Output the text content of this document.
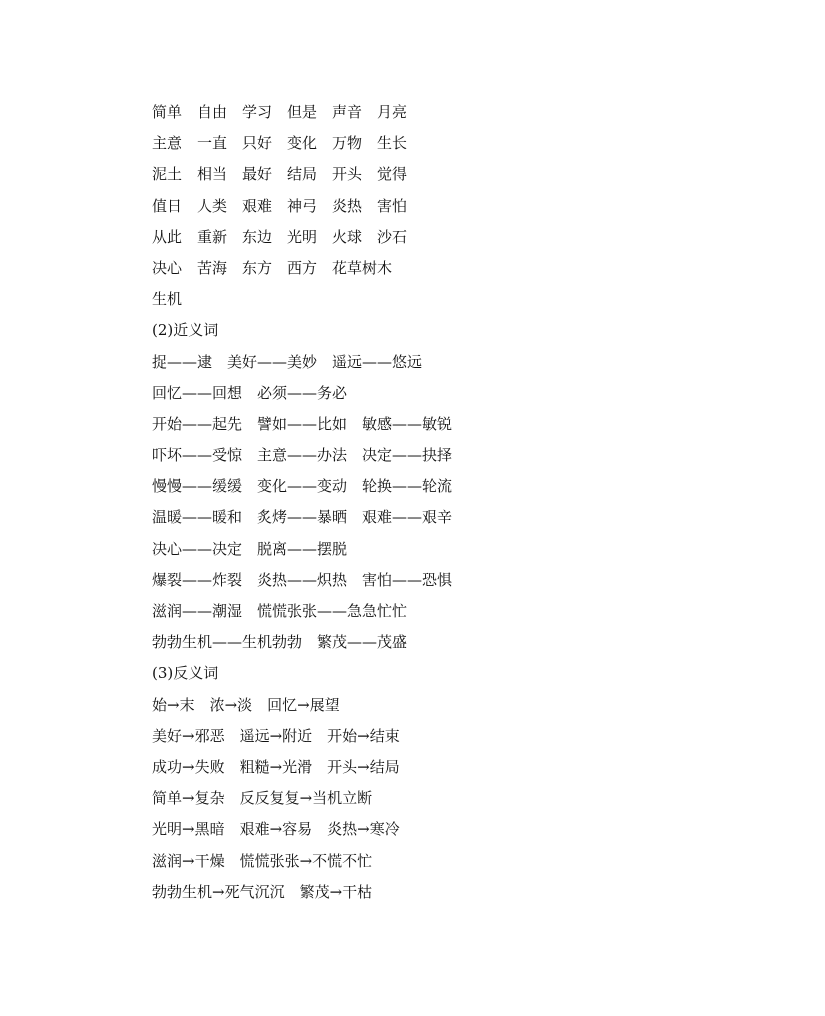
简单　自由　学习　但是　声音　月亮
主意　一直　只好　变化　万物　生长
泥土　相当　最好　结局　开头　觉得
值日　人类　艰难　神弓　炎热　害怕
从此　重新　东边　光明　火球　沙石
决心　苦海　东方　西方　花草树木
生机
(2)近义词
捉——逮　美好——美妙　遥远——悠远
回忆——回想　必须——务必
开始——起先　譬如——比如　敏感——敏锐
吓坏——受惊　主意——办法　决定——抉择
慢慢——缓缓　变化——变动　轮换——轮流
温暖——暖和　炙烤——暴晒　艰难——艰辛
决心——决定　脱离——摆脱
爆裂——炸裂　炎热——炽热　害怕——恐惧
滋润——潮湿　慌慌张张——急急忙忙
勃勃生机——生机勃勃　繁茂——茂盛
(3)反义词
始→末　浓→淡　回忆→展望
美好→邪恶　遥远→附近　开始→结束
成功→失败　粗糙→光滑　开头→结局
简单→复杂　反反复复→当机立断
光明→黑暗　艰难→容易　炎热→寒冷
滋润→干燥　慌慌张张→不慌不忙
勃勃生机→死气沉沉　繁茂→干枯
